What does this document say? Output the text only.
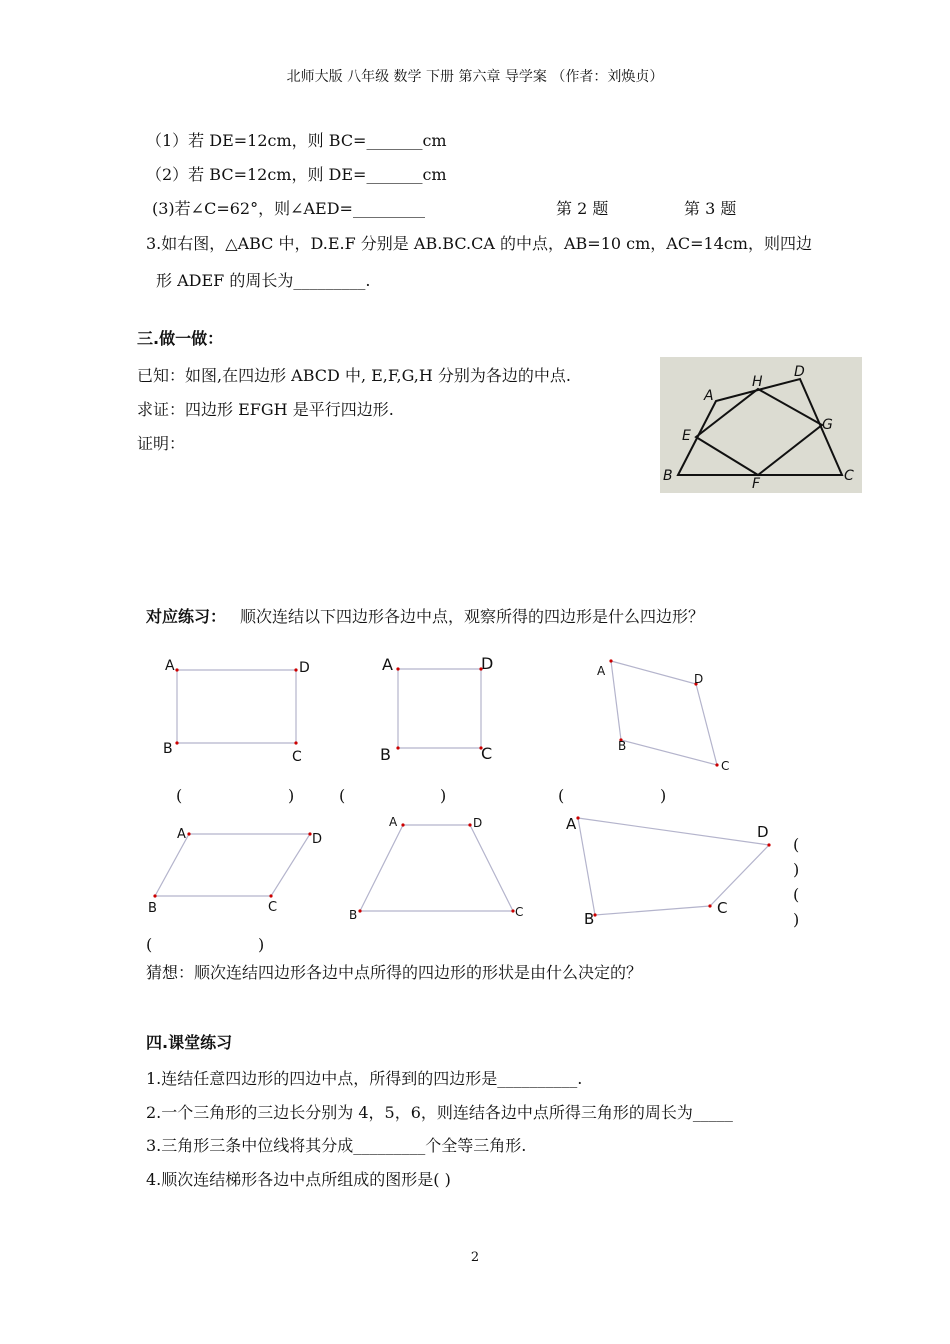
北师大版 八年级 数学 下册 第六章 导学案 （作者：刘焕贞）
（1）若 DE=12cm，则 BC=_______cm
（2）若 BC=12cm，则 DE=_______cm
(3)若∠C=62°，则∠AED=_________	第 2 题	第 3 题
3.如右图，△ABC 中，D.E.F 分别是 AB.BC.CA 的中点，AB=10 cm，AC=14cm，则四边
形 ADEF 的周长为_________.
三.做一做：
已知：如图,在四边形 ABCD 中, E,F,G,H 分别为各边的中点.
求证：四边形 EFGH 是平行四边形.
证明：
A
H
D
E
G
B	F	C
对应练习： 顺次连结以下四边形各边中点，观察所得的四边形是什么四边形？
A	D
B	C
A	D
B	C
A
D
B
C
A	D
B	C
A	D
B	C
A	D
B
C
(	)	(	)	(	)
(
)
(
)
(	)
猜想：顺次连结四边形各边中点所得的四边形的形状是由什么决定的？
四.课堂练习
1.连结任意四边形的四边中点，所得到的四边形是__________.
2.一个三角形的三边长分别为 4，5，6，则连结各边中点所得三角形的周长为_____
3.三角形三条中位线将其分成_________个全等三角形.
4.顺次连结梯形各边中点所组成的图形是( )
2
